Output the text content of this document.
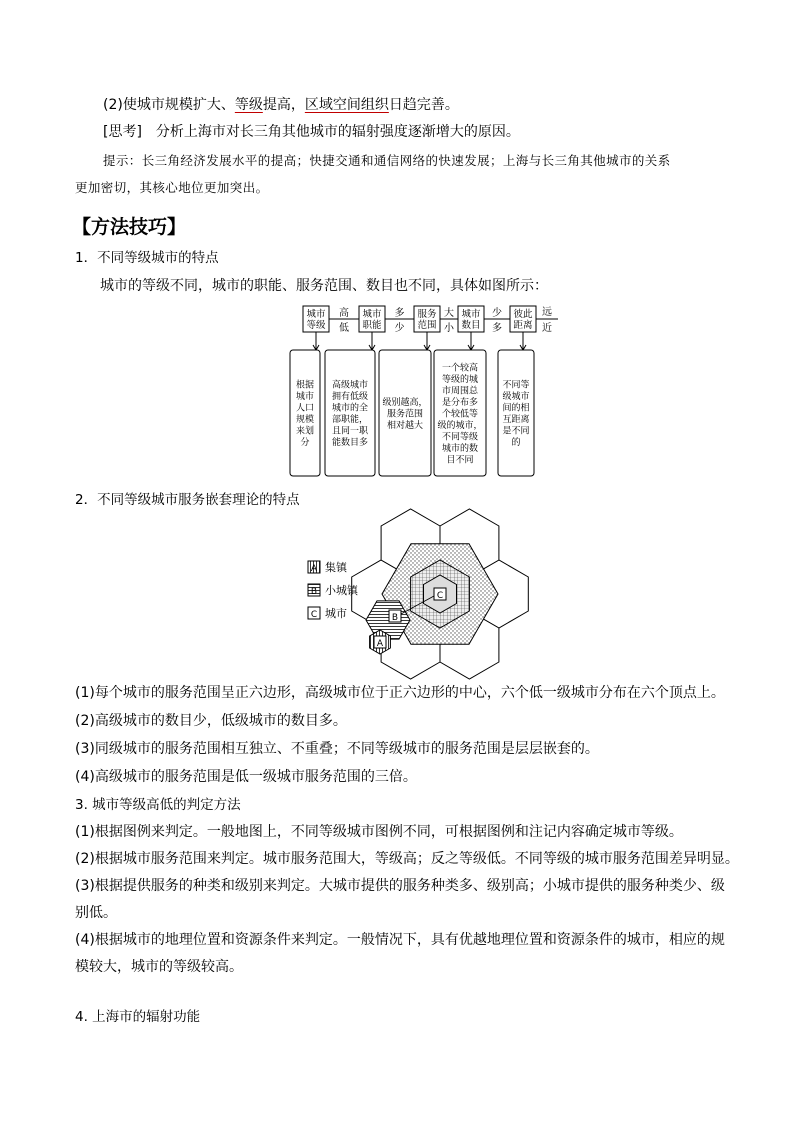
(2)使城市规模扩大、等级提高，区域空间组织日趋完善。
[思考]　分析上海市对长三角其他城市的辐射强度逐渐增大的原因。
提示：长三角经济发展水平的提高；快捷交通和通信网络的快速发展；上海与长三角其他城市的关系
更加密切，其核心地位更加突出。
【方法技巧】
1．不同等级城市的特点
城市的等级不同，城市的职能、服务范围、数目也不同，具体如图所示：
城市
等级
城市
职能
服务
范围
城市
数目
彼此
距离
高
低
多
少
大
小
少
多
远
近
根据
城市
人口
规模
来划
分
高级城市
拥有低级
城市的全
部职能，
且同一职
能数目多
级别越高，
服务范围
相对越大
一个较高
等级的城
市周围总
是分布多
个较低等
级的城市，
不同等级
城市的数
目不同
不同等
级城市
间的相
互距离
是不同
的
2．不同等级城市服务嵌套理论的特点
A
B
C
A 集镇
B 小城镇
C 城市
(1)每个城市的服务范围呈正六边形，高级城市位于正六边形的中心，六个低一级城市分布在六个顶点上。
(2)高级城市的数目少，低级城市的数目多。
(3)同级城市的服务范围相互独立、不重叠；不同等级城市的服务范围是层层嵌套的。
(4)高级城市的服务范围是低一级城市服务范围的三倍。
3. 城市等级高低的判定方法
(1)根据图例来判定。一般地图上，不同等级城市图例不同，可根据图例和注记内容确定城市等级。
(2)根据城市服务范围来判定。城市服务范围大，等级高；反之等级低。不同等级的城市服务范围差异明显。
(3)根据提供服务的种类和级别来判定。大城市提供的服务种类多、级别高；小城市提供的服务种类少、级
别低。
(4)根据城市的地理位置和资源条件来判定。一般情况下，具有优越地理位置和资源条件的城市，相应的规
模较大，城市的等级较高。
4. 上海市的辐射功能
